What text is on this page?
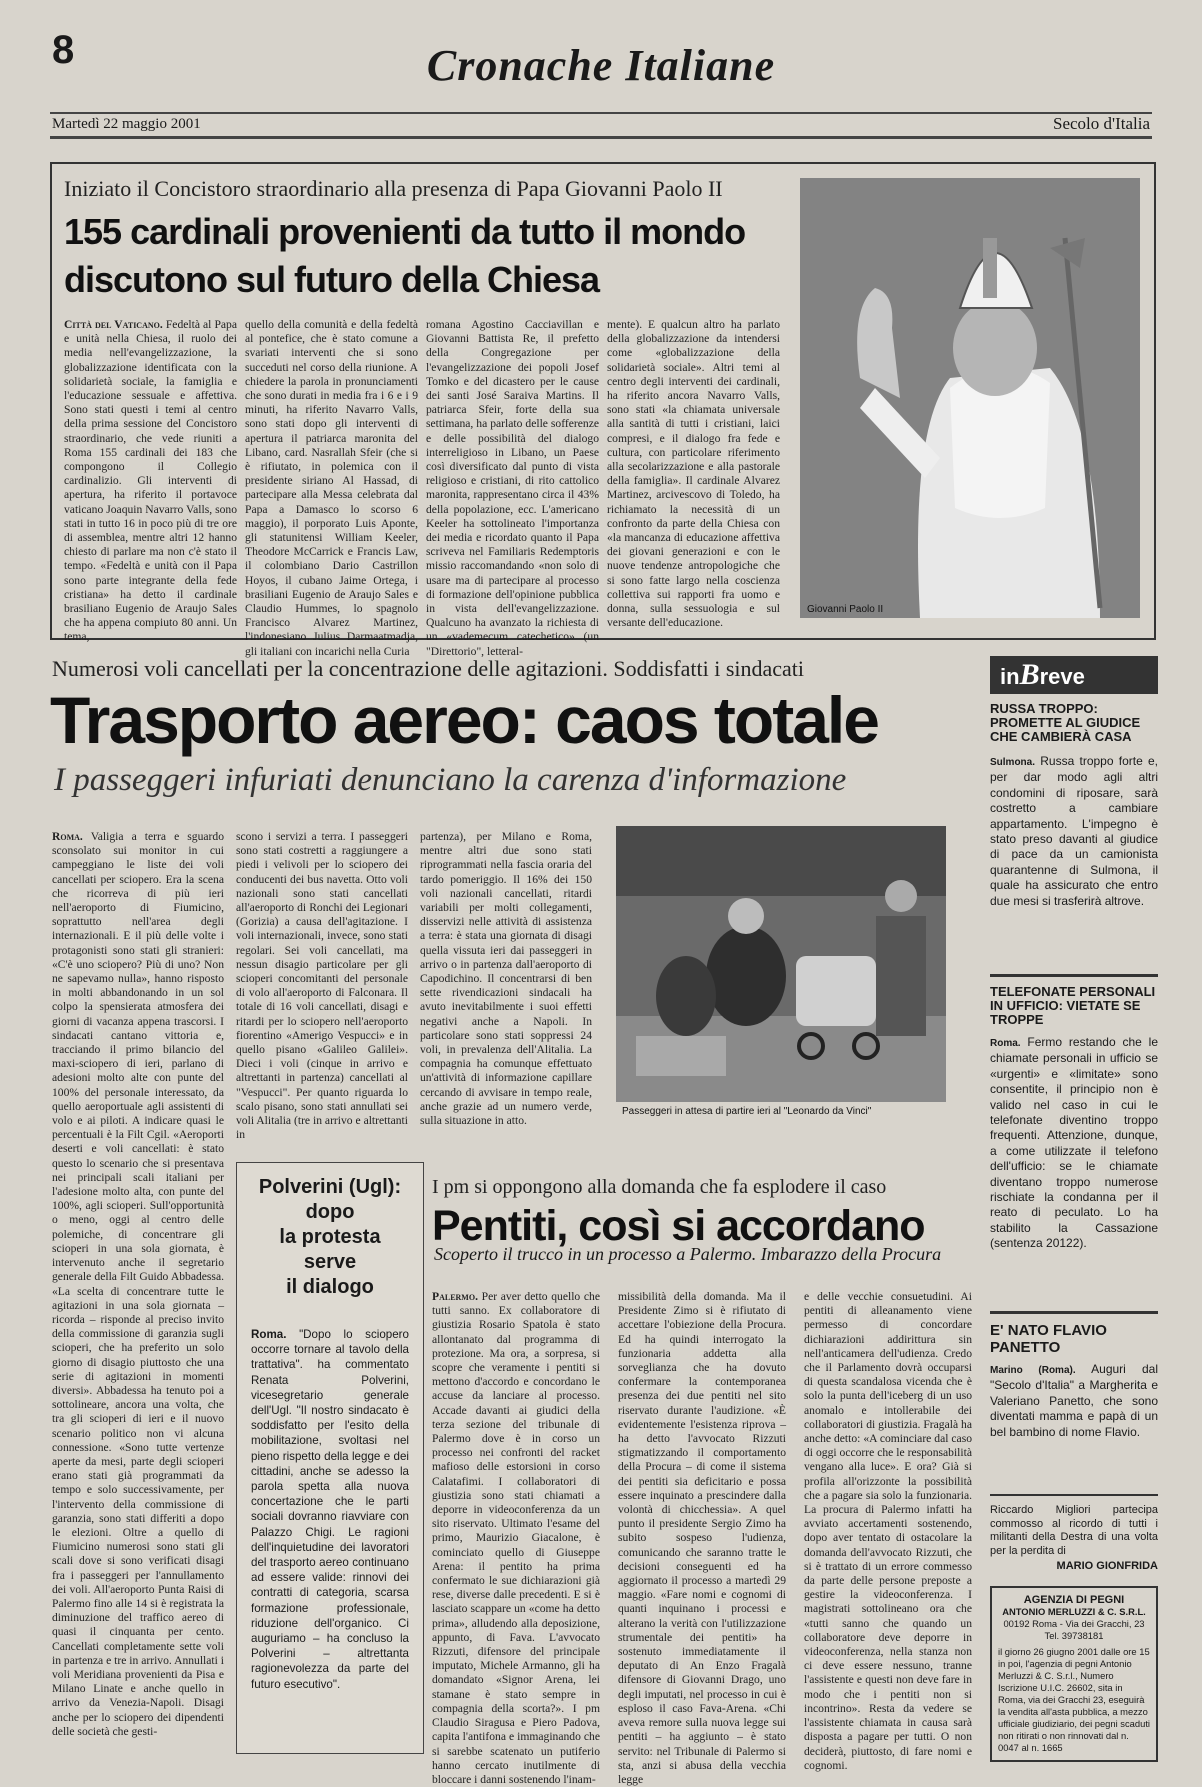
8	Cronache Italiane
Martedì 22 maggio 2001	Secolo d'Italia
Iniziato il Concistoro straordinario alla presenza di Papa Giovanni Paolo II
155 cardinali provenienti da tutto il mondo
discutono sul futuro della Chiesa
Città del Vaticano. Fedeltà al Papa e unità nella Chiesa, il ruolo dei media nell'evangelizzazione, la globalizzazione identificata con la solidarietà sociale, la famiglia e l'educazione sessuale e affettiva. Sono stati questi i temi al centro della prima sessione del Concistoro straordinario, che vede riuniti a Roma 155 cardinali dei 183 che compongono il Collegio cardinalizio. Gli interventi di apertura, ha riferito il portavoce vaticano Joaquin Navarro Valls, sono stati in tutto 16 in poco più di tre ore di assemblea, mentre altri 12 hanno chiesto di parlare ma non c'è stato il tempo. «Fedeltà e unità con il Papa sono parte integrante della fede cristiana» ha detto il cardinale brasiliano Eugenio de Araujo Sales che ha appena compiuto 80 anni. Un tema,
quello della comunità e della fedeltà al pontefice, che è stato comune a svariati interventi che si sono succeduti nel corso della riunione. A chiedere la parola in pronunciamenti che sono durati in media fra i 6 e i 9 minuti, ha riferito Navarro Valls, sono stati dopo gli interventi di apertura il patriarca maronita del Libano, card. Nasrallah Sfeir (che si è rifiutato, in polemica con il presidente siriano Al Hassad, di partecipare alla Messa celebrata dal Papa a Damasco lo scorso 6 maggio), il porporato Luis Aponte, gli statunitensi William Keeler, Theodore McCarrick e Francis Law, il colombiano Dario Castrillon Hoyos, il cubano Jaime Ortega, i brasiliani Eugenio de Araujo Sales e Claudio Hummes, lo spagnolo Francisco Alvarez Martinez, l'indonesiano Julius Darmaatmadja, gli italiani con incarichi nella Curia
romana Agostino Cacciavillan e Giovanni Battista Re, il prefetto della Congregazione per l'evangelizzazione dei popoli Josef Tomko e del dicastero per le cause dei santi José Saraiva Martins. Il patriarca Sfeir, forte della sua settimana, ha parlato delle sofferenze e delle possibilità del dialogo interreligioso in Libano, un Paese così diversificato dal punto di vista religioso e cristiani, di rito cattolico maronita, rappresentano circa il 43% della popolazione, ecc. L'americano Keeler ha sottolineato l'importanza dei media e ricordato quanto il Papa scriveva nel Familiaris Redemptoris missio raccomandando «non solo di usare ma di partecipare al processo di formazione dell'opinione pubblica in vista dell'evangelizzazione. Qualcuno ha avanzato la richiesta di un «vademecum catechetico» (un "Direttorio", letteral-
mente). E qualcun altro ha parlato della globalizzazione da intendersi come «globalizzazione della solidarietà sociale». Altri temi al centro degli interventi dei cardinali, ha riferito ancora Navarro Valls, sono stati «la chiamata universale alla santità di tutti i cristiani, laici compresi, e il dialogo fra fede e cultura, con particolare riferimento alla secolarizzazione e alla pastorale della famiglia». Il cardinale Alvarez Martinez, arcivescovo di Toledo, ha richiamato la necessità di un confronto da parte della Chiesa con «la mancanza di educazione affettiva dei giovani generazioni e con le nuove tendenze antropologiche che si sono fatte largo nella coscienza collettiva sui rapporti fra uomo e donna, sulla sessuologia e sul versante dell'educazione.
Giovanni Paolo II
Numerosi voli cancellati per la concentrazione delle agitazioni. Soddisfatti i sindacati
Trasporto aereo: caos totale
I passeggeri infuriati denunciano la carenza d'informazione
Roma. Valigia a terra e sguardo sconsolato sui monitor in cui campeggiano le liste dei voli cancellati per sciopero. Era la scena che ricorreva di più ieri nell'aeroporto di Fiumicino, soprattutto nell'area degli internazionali. E il più delle volte i protagonisti sono stati gli stranieri: «C'è uno sciopero? Più di uno? Non ne sapevamo nulla», hanno risposto in molti abbandonando in un sol colpo la spensierata atmosfera dei giorni di vacanza appena trascorsi. I sindacati cantano vittoria e, tracciando il primo bilancio del maxi-sciopero di ieri, parlano di adesioni molto alte con punte del 100% del personale interessato, da quello aeroportuale agli assistenti di volo e ai piloti. A indicare quasi le percentuali è la Filt Cgil. «Aeroporti deserti e voli cancellati: è stato questo lo scenario che si presentava nei principali scali italiani per l'adesione molto alta, con punte del 100%, agli scioperi. Sull'opportunità o meno, oggi al centro delle polemiche, di concentrare gli scioperi in una sola giornata, è intervenuto anche il segretario generale della Filt Guido Abbadessa. «La scelta di concentrare tutte le agitazioni in una sola giornata – ricorda – risponde al preciso invito della commissione di garanzia sugli scioperi, che ha preferito un solo giorno di disagio piuttosto che una serie di agitazioni in momenti diversi». Abbadessa ha tenuto poi a sottolineare, ancora una volta, che tra gli scioperi di ieri e il nuovo scenario politico non vi alcuna connessione. «Sono tutte vertenze aperte da mesi, parte degli scioperi erano stati già programmati da tempo e solo successivamente, per l'intervento della commissione di garanzia, sono stati differiti a dopo le elezioni. Oltre a quello di Fiumicino numerosi sono stati gli scali dove si sono verificati disagi fra i passeggeri per l'annullamento dei voli. All'aeroporto Punta Raisi di Palermo fino alle 14 si è registrata la diminuzione del traffico aereo di quasi il cinquanta per cento. Cancellati completamente sette voli in partenza e tre in arrivo. Annullati i voli Meridiana provenienti da Pisa e Milano Linate e anche quello in arrivo da Venezia-Napoli. Disagi anche per lo sciopero dei dipendenti delle società che gesti-
scono i servizi a terra. I passeggeri sono stati costretti a raggiungere a piedi i velivoli per lo sciopero dei conducenti dei bus navetta. Otto voli nazionali sono stati cancellati all'aeroporto di Ronchi dei Legionari (Gorizia) a causa dell'agitazione. I voli internazionali, invece, sono stati regolari. Sei voli cancellati, ma nessun disagio particolare per gli scioperi concomitanti del personale di volo all'aeroporto di Falconara. Il totale di 16 voli cancellati, disagi e ritardi per lo sciopero nell'aeroporto fiorentino «Amerigo Vespucci» e in quello pisano «Galileo Galilei». Dieci i voli (cinque in arrivo e altrettanti in partenza) cancellati al "Vespucci". Per quanto riguarda lo scalo pisano, sono stati annullati sei voli Alitalia (tre in arrivo e altrettanti in
partenza), per Milano e Roma, mentre altri due sono stati riprogrammati nella fascia oraria del tardo pomeriggio. Il 16% dei 150 voli nazionali cancellati, ritardi variabili per molti collegamenti, disservizi nelle attività di assistenza a terra: è stata una giornata di disagi quella vissuta ieri dai passeggeri in arrivo o in partenza dall'aeroporto di Capodichino. Il concentrarsi di ben sette rivendicazioni sindacali ha avuto inevitabilmente i suoi effetti negativi anche a Napoli. In particolare sono stati soppressi 24 voli, in prevalenza dell'Alitalia. La compagnia ha comunque effettuato un'attività di informazione capillare cercando di avvisare in tempo reale, anche grazie ad un numero verde, sulla situazione in atto.
Passeggeri in attesa di partire ieri al "Leonardo da Vinci"
Polverini (Ugl):
dopo
la protesta
serve
il dialogo
Roma. "Dopo lo sciopero occorre tornare al tavolo della trattativa". ha commentato Renata Polverini, vicesegretario generale dell'Ugl. "Il nostro sindacato è soddisfatto per l'esito della mobilitazione, svoltasi nel pieno rispetto della legge e dei cittadini, anche se adesso la parola spetta alla nuova concertazione che le parti sociali dovranno riavviare con Palazzo Chigi. Le ragioni dell'inquietudine dei lavoratori del trasporto aereo continuano ad essere valide: rinnovi dei contratti di categoria, scarsa formazione professionale, riduzione dell'organico. Ci auguriamo – ha concluso la Polverini – altrettanta ragionevolezza da parte del futuro esecutivo".
I pm si oppongono alla domanda che fa esplodere il caso
Pentiti, così si accordano
Scoperto il trucco in un processo a Palermo. Imbarazzo della Procura
Palermo. Per aver detto quello che tutti sanno. Ex collaboratore di giustizia Rosario Spatola è stato allontanato dal programma di protezione. Ma ora, a sorpresa, si scopre che veramente i pentiti si mettono d'accordo e concordano le accuse da lanciare al processo. Accade davanti ai giudici della terza sezione del tribunale di Palermo dove è in corso un processo nei confronti del racket mafioso delle estorsioni in corso Calatafimi. I collaboratori di giustizia sono stati chiamati a deporre in videoconferenza da un sito riservato. Ultimato l'esame del primo, Maurizio Giacalone, è cominciato quello di Giuseppe Arena: il pentito ha prima confermato le sue dichiarazioni già rese, diverse dalle precedenti. E si è lasciato scappare un «come ha detto prima», alludendo alla deposizione, appunto, di Fava. L'avvocato Rizzuti, difensore del principale imputato, Michele Armanno, gli ha domandato «Signor Arena, lei stamane è stato sempre in compagnia della scorta?». I pm Claudio Siragusa e Piero Padova, capita l'antifona e immaginando che si sarebbe scatenato un putiferio hanno cercato inutilmente di bloccare i danni sostenendo l'inam-
missibilità della domanda. Ma il Presidente Zimo si è rifiutato di accettare l'obiezione della Procura. Ed ha quindi interrogato la funzionaria addetta alla sorveglianza che ha dovuto confermare la contemporanea presenza dei due pentiti nel sito riservato durante l'audizione. «È evidentemente l'esistenza riprova – ha detto l'avvocato Rizzuti stigmatizzando il comportamento della Procura – di come il sistema dei pentiti sia deficitario e possa essere inquinato a prescindere dalla volontà di chicchessia». A quel punto il presidente Sergio Zimo ha subito sospeso l'udienza, comunicando che saranno tratte le decisioni conseguenti ed ha aggiornato il processo a martedì 29 maggio. «Fare nomi e cognomi di quanti inquinano i processi e alterano la verità con l'utilizzazione strumentale dei pentiti» ha sostenuto immediatamente il deputato di An Enzo Fragalà difensore di Giovanni Drago, uno degli imputati, nel processo in cui è esploso il caso Fava-Arena. «Chi aveva remore sulla nuova legge sui pentiti – ha aggiunto – è stato servito: nel Tribunale di Palermo si sta, anzi si abusa della vecchia legge
e delle vecchie consuetudini. Ai pentiti di alleanamento viene permesso di concordare dichiarazioni addirittura sin nell'anticamera dell'udienza. Credo che il Parlamento dovrà occuparsi di questa scandalosa vicenda che è solo la punta dell'iceberg di un uso anomalo e intollerabile dei collaboratori di giustizia. Fragalà ha anche detto: «A cominciare dal caso di oggi occorre che le responsabilità vengano alla luce». E ora? Già si profila all'orizzonte la possibilità che a pagare sia solo la funzionaria. La procura di Palermo infatti ha avviato accertamenti sostenendo, dopo aver tentato di ostacolare la domanda dell'avvocato Rizzuti, che si è trattato di un errore commesso da parte delle persone preposte a gestire la videoconferenza. I magistrati sottolineano ora che «tutti sanno che quando un collaboratore deve deporre in videoconferenza, nella stanza non ci deve essere nessuno, tranne l'assistente e questi non deve fare in modo che i pentiti non si incontrino». Resta da vedere se l'assistente chiamata in causa sarà disposta a pagare per tutti. O non deciderà, piuttosto, di fare nomi e cognomi.
inBreve
RUSSA TROPPO: PROMETTE AL GIUDICE CHE CAMBIERÀ CASA
Sulmona. Russa troppo forte e, per dar modo agli altri condomini di riposare, sarà costretto a cambiare appartamento. L'impegno è stato preso davanti al giudice di pace da un camionista quarantenne di Sulmona, il quale ha assicurato che entro due mesi si trasferirà altrove.
TELEFONATE PERSONALI IN UFFICIO: VIETATE SE TROPPE
Roma. Fermo restando che le chiamate personali in ufficio se «urgenti» e «limitate» sono consentite, il principio non è valido nel caso in cui le telefonate diventino troppo frequenti. Attenzione, dunque, a come utilizzate il telefono dell'ufficio: se le chiamate diventano troppo numerose rischiate la condanna per il reato di peculato. Lo ha stabilito la Cassazione (sentenza 20122).
E' NATO FLAVIO PANETTO
Marino (Roma). Auguri dal "Secolo d'Italia" a Margherita e Valeriano Panetto, che sono diventati mamma e papà di un bel bambino di nome Flavio.
Riccardo Migliori partecipa commosso al ricordo di tutti i militanti della Destra di una volta per la perdita di
MARIO GIONFRIDA
AGENZIA DI PEGNI
ANTONIO MERLUZZI & C. S.R.L.
00192 Roma - Via dei Gracchi, 23
Tel. 39738181
il giorno 26 giugno 2001 dalle ore 15 in poi, l'agenzia di pegni Antonio Merluzzi & C. S.r.l., Numero Iscrizione U.I.C. 26602, sita in Roma, via dei Gracchi 23, eseguirà la vendita all'asta pubblica, a mezzo ufficiale giudiziario, dei pegni scaduti non ritirati o non rinnovati dal n. 0047 al n. 1665
